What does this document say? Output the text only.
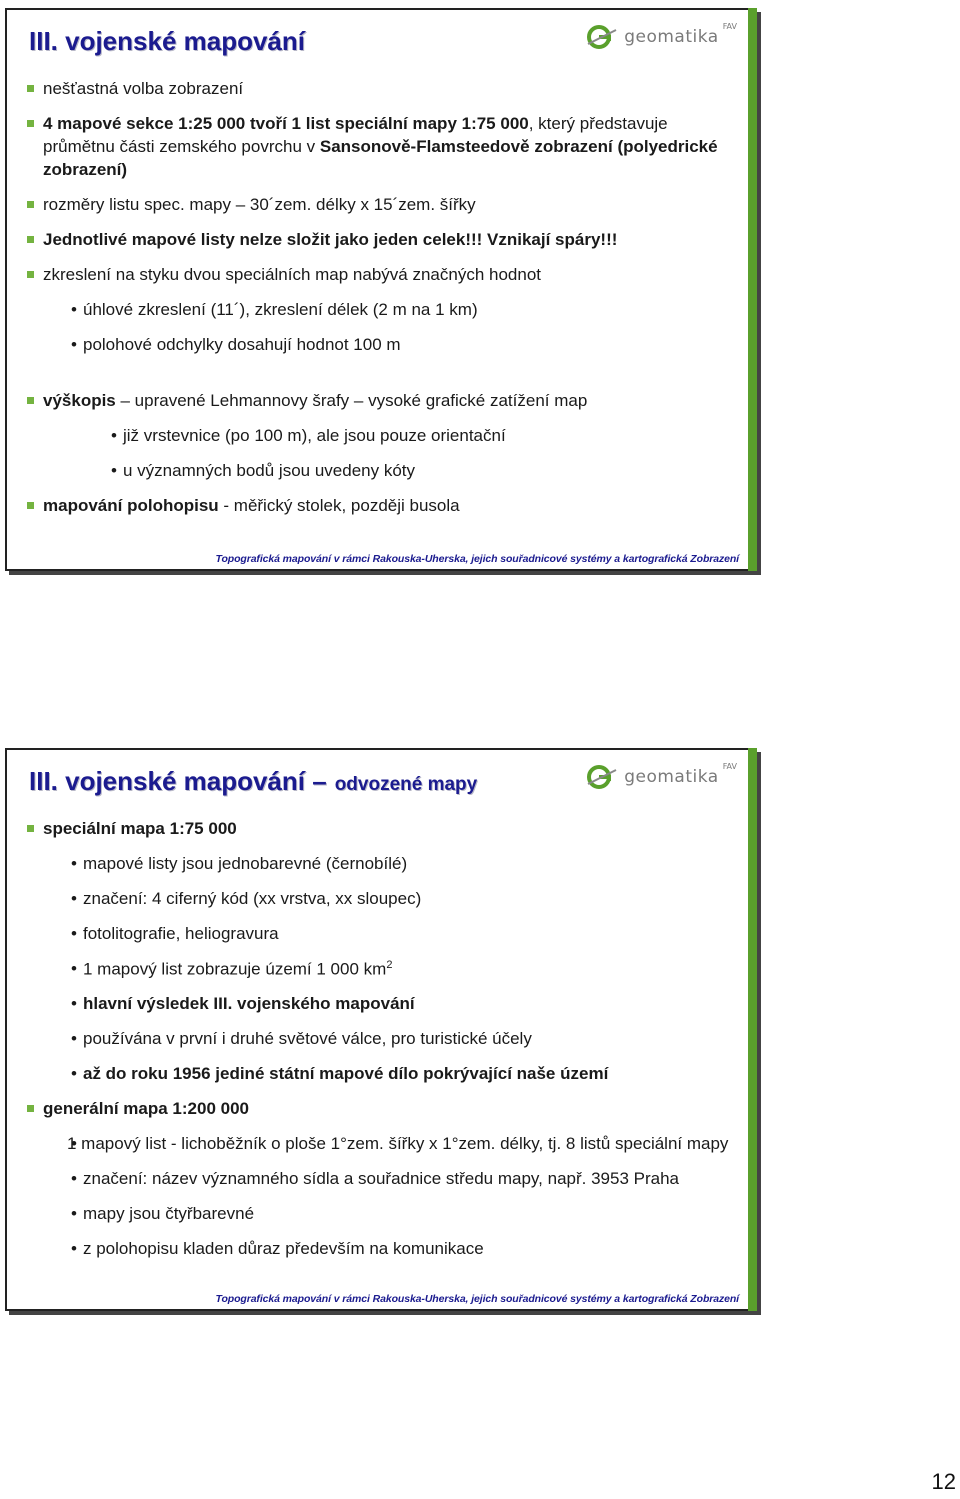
III. vojenské mapování	geomatika
FAV
nešťastná volba zobrazení
4 mapové sekce 1:25 000 tvoří 1 list speciální mapy 1:75 000, který představuje průmětnu části zemského povrchu v Sansonově-Flamsteedově zobrazení (polyedrické zobrazení)
rozměry listu spec. mapy – 30´zem. délky x 15´zem. šířky
Jednotlivé mapové listy nelze složit jako jeden celek!!! Vznikají spáry!!!
zkreslení na styku dvou speciálních map nabývá značných hodnot
• úhlové zkreslení (11´), zkreslení délek (2 m na 1 km)
• polohové odchylky dosahují hodnot 100 m
výškopis – upravené Lehmannovy šrafy – vysoké grafické zatížení map
• již vrstevnice (po 100 m), ale jsou pouze orientační
• u významných bodů jsou uvedeny kóty
mapování polohopisu - měřický stolek, později busola
Topografická mapování v rámci Rakouska-Uherska, jejich souřadnicové systémy a kartografická Zobrazení
III. vojenské mapování – odvozené mapy	geomatika
FAV
speciální mapa 1:75 000
• mapové listy jsou jednobarevné (černobílé)
• značení: 4 ciferný kód (xx vrstva, xx sloupec)
• fotolitografie, heliogravura
• 1 mapový list zobrazuje území 1 000 $km^2$
• hlavní výsledek III. vojenského mapování
• používána v první i druhé světové válce, pro turistické účely
• až do roku 1956 jediné státní mapové dílo pokrývající naše území
generální mapa 1:200 000
• 1 mapový list - lichoběžník o ploše 1°zem. šířky x 1°zem. délky, tj. 8 listů speciální mapy
• značení: název významného sídla a souřadnice středu mapy, např. 3953 Praha
• mapy jsou čtyřbarevné
• z polohopisu kladen důraz především na komunikace
Topografická mapování v rámci Rakouska-Uherska, jejich souřadnicové systémy a kartografická Zobrazení
12
